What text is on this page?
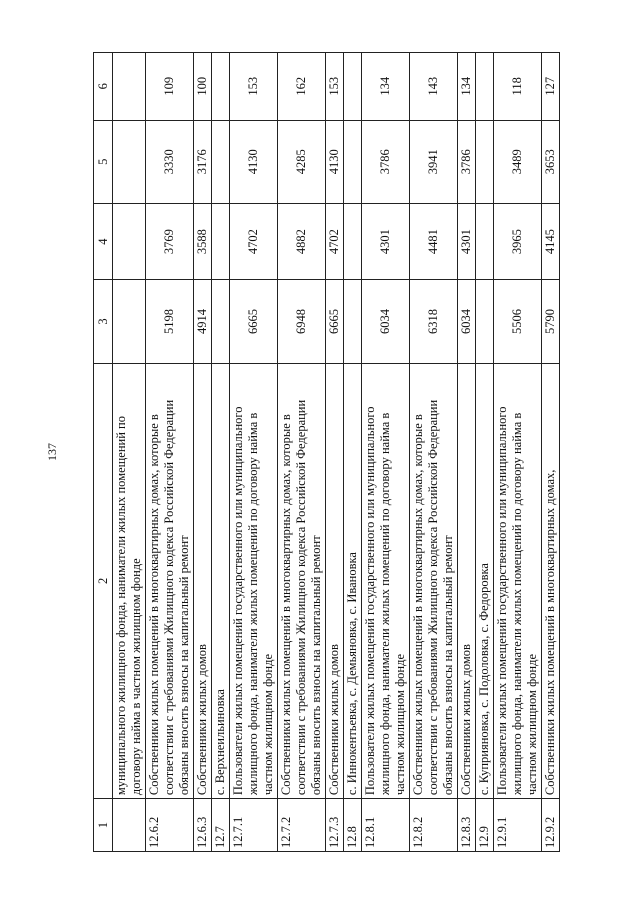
137
1	2	3	4	5	6
	муниципального жилищного фонда, наниматели жилых помещений по договору найма в частном жилищном фонде				
12.6.2	Собственники жилых помещений в многоквартирных домах, которые в соответствии с требованиями Жилищного кодекса Российской Федерации обязаны вносить взносы на капитальный ремонт	5198	3769	3330	109
12.6.3	Собственники жилых домов	4914	3588	3176	100
12.7	с. Верхнеильиновка				
12.7.1	Пользователи жилых помещений государственного или муниципального жилищного фонда, наниматели жилых помещений по договору найма в частном жилищном фонде	6665	4702	4130	153
12.7.2	Собственники жилых помещений в многоквартирных домах, которые в соответствии с требованиями Жилищного кодекса Российской Федерации обязаны вносить взносы на капитальный ремонт	6948	4882	4285	162
12.7.3	Собственники жилых домов	6665	4702	4130	153
12.8	с. Иннокентьевка, с. Демьяновка, с. Ивановка				
12.8.1	Пользователи жилых помещений государственного или муниципального жилищного фонда, наниматели жилых помещений по договору найма в частном жилищном фонде	6034	4301	3786	134
12.8.2	Собственники жилых помещений в многоквартирных домах, которые в соответствии с требованиями Жилищного кодекса Российской Федерации обязаны вносить взносы на капитальный ремонт	6318	4481	3941	143
12.8.3	Собственники жилых домов	6034	4301	3786	134
12.9	с. Куприяновка, с. Подоловка, с. Федоровка				
12.9.1	Пользователи жилых помещений государственного или муниципального жилищного фонда, наниматели жилых помещений по договору найма в частном жилищном фонде	5506	3965	3489	118
12.9.2	Собственники жилых помещений в многоквартирных домах,	5790	4145	3653	127
